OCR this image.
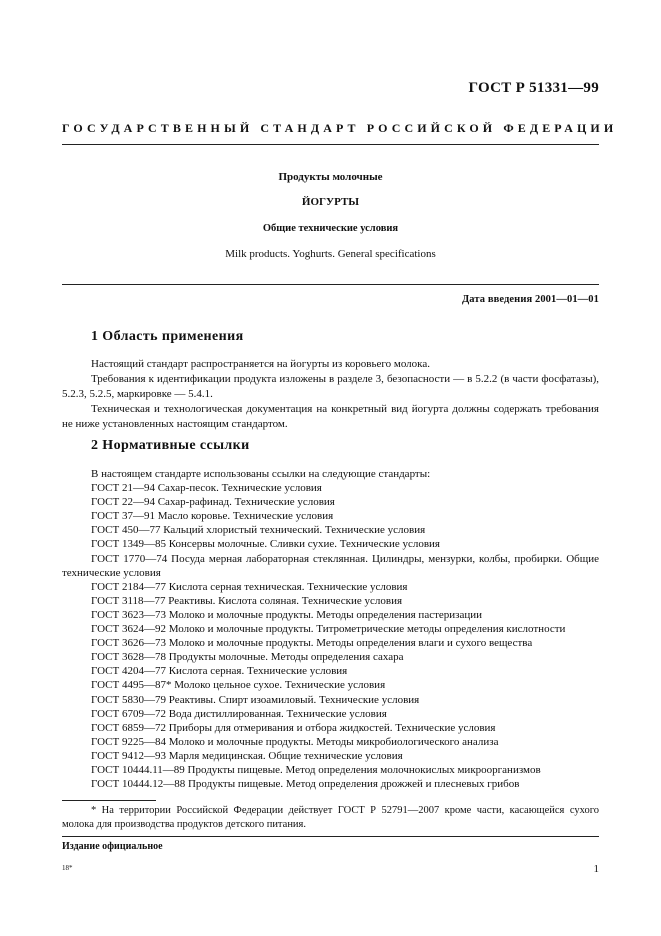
ГОСТ Р 51331—99
ГОСУДАРСТВЕННЫЙ СТАНДАРТ РОССИЙСКОЙ ФЕДЕРАЦИИ
Продукты молочные
ЙОГУРТЫ
Общие технические условия
Milk products. Yoghurts. General specifications
Дата введения 2001—01—01
1 Область применения

Настоящий стандарт распространяется на йогурты из коровьего молока.

Требования к идентификации продукта изложены в разделе 3, безопасности — в 5.2.2 (в части фосфатазы), 5.2.3, 5.2.5, маркировке — 5.4.1.

Техническая и технологическая документация на конкретный вид йогурта должны содержать требования не ниже установленных настоящим стандартом.

2 Нормативные ссылки

В настоящем стандарте использованы ссылки на следующие стандарты:

ГОСТ 21—94 Сахар-песок. Технические условия

ГОСТ 22—94 Сахар-рафинад. Технические условия

ГОСТ 37—91 Масло коровье. Технические условия

ГОСТ 450—77 Кальций хлористый технический. Технические условия

ГОСТ 1349—85 Консервы молочные. Сливки сухие. Технические условия

ГОСТ 1770—74 Посуда мерная лабораторная стеклянная. Цилиндры, мензурки, колбы, пробирки. Общие технические условия

ГОСТ 2184—77 Кислота серная техническая. Технические условия

ГОСТ 3118—77 Реактивы. Кислота соляная. Технические условия

ГОСТ 3623—73 Молоко и молочные продукты. Методы определения пастеризации

ГОСТ 3624—92 Молоко и молочные продукты. Титрометрические методы определения кислотности

ГОСТ 3626—73 Молоко и молочные продукты. Методы определения влаги и сухого вещества

ГОСТ 3628—78 Продукты молочные. Методы определения сахара

ГОСТ 4204—77 Кислота серная. Технические условия

ГОСТ 4495—87* Молоко цельное сухое. Технические условия

ГОСТ 5830—79 Реактивы. Спирт изоамиловый. Технические условия

ГОСТ 6709—72 Вода дистиллированная. Технические условия

ГОСТ 6859—72 Приборы для отмеривания и отбора жидкостей. Технические условия

ГОСТ 9225—84 Молоко и молочные продукты. Методы микробиологического анализа

ГОСТ 9412—93 Марля медицинская. Общие технические условия

ГОСТ 10444.11—89 Продукты пищевые. Метод определения молочнокислых микроорганизмов

ГОСТ 10444.12—88 Продукты пищевые. Метод определения дрожжей и плесневых грибов

* На территории Российской Федерации действует ГОСТ Р 52791—2007 кроме части, касающейся сухого молока для производства продуктов детского питания.

Издание официальное
18*	1
